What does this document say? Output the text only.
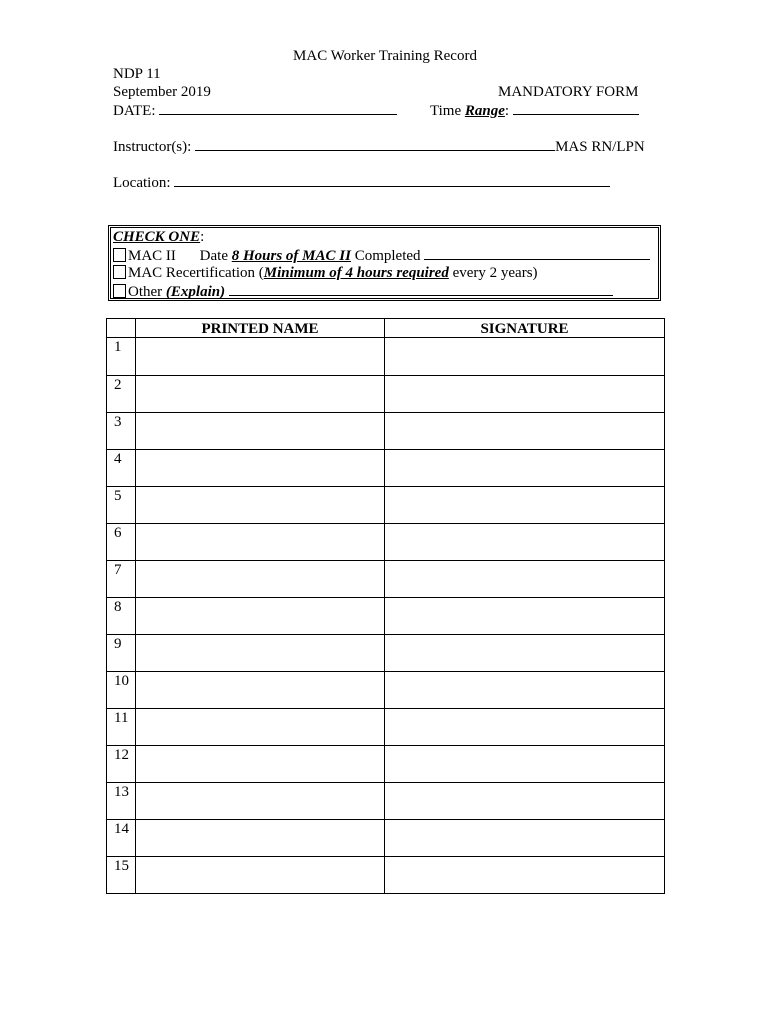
MAC Worker Training Record
NDP 11
September 2019	MANDATORY FORM
DATE:	Time Range:
Instructor(s):	MAS RN/LPN
Location:
CHECK ONE:
MAC II Date 8 Hours of MAC II Completed
MAC Recertification (Minimum of 4 hours required every 2 years)
Other (Explain)
	PRINTED NAME	SIGNATURE
1		
2		
3		
4		
5		
6		
7		
8		
9		
10		
11		
12		
13		
14		
15		
